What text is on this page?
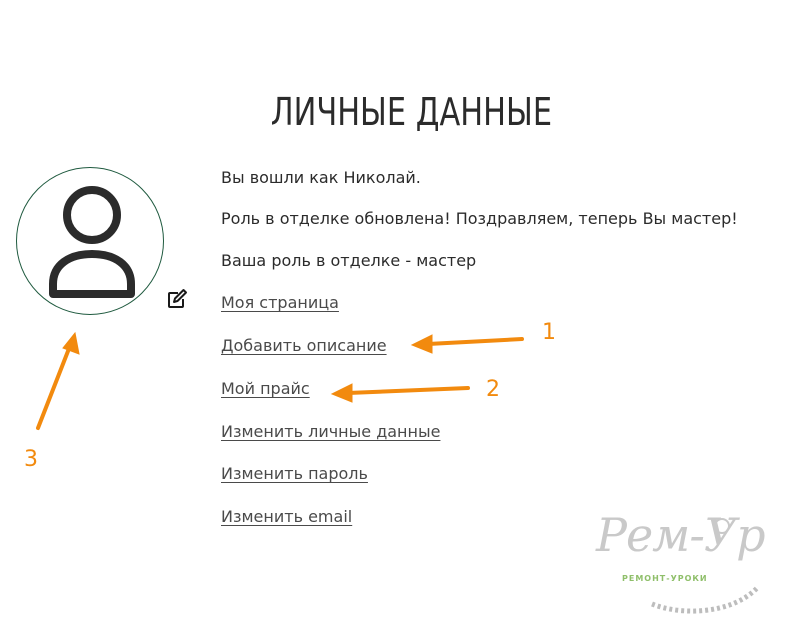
ЛИЧНЫЕ ДАННЫЕ
Вы вошли как Николай.
Роль в отделке обновлена! Поздравляем, теперь Вы мастер!
Ваша роль в отделке - мастер
Моя страница
Добавить описание
Мой прайс
Изменить личные данные
Изменить пароль
Изменить email
1
2
3
Рем-Ур
РЕМОНТ-УРОКИ
